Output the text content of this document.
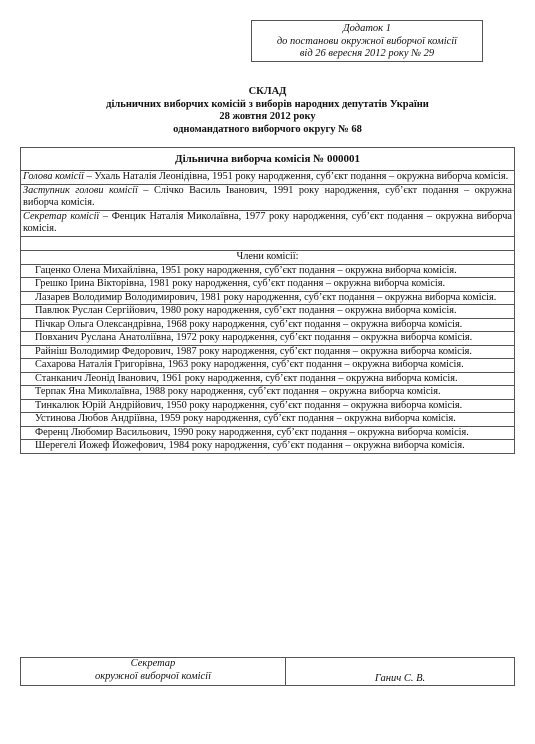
Додаток 1
до постанови окружної виборчої комісії
від 26 вересня 2012 року № 29
СКЛАД
дільничних виборчих комісій з виборів народних депутатів України
28 жовтня 2012 року
одномандатного виборчого округу № 68
Дільнична виборча комісія № 000001
Голова комісії – Ухаль Наталія Леонідівна, 1951 року народження, суб’єкт подання – окружна виборча комісія.
Заступник голови комісії – Слічко Василь Іванович, 1991 року народження, суб’єкт подання – окружна виборча комісія.
Секретар комісії – Фенцик Наталія Миколаївна, 1977 року народження, суб’єкт подання – окружна виборча комісія.

Члени комісії:
Гаценко Олена Михайлівна, 1951 року народження, суб’єкт подання – окружна виборча комісія.
Грешко Ірина Вікторівна, 1981 року народження, суб’єкт подання – окружна виборча комісія.
Лазарев Володимир Володимирович, 1981 року народження, суб’єкт подання – окружна виборча комісія.
Павлюк Руслан Сергійович, 1980 року народження, суб’єкт подання – окружна виборча комісія.
Пічкар Ольга Олександрівна, 1968 року народження, суб’єкт подання – окружна виборча комісія.
Повханич Руслана Анатоліївна, 1972 року народження, суб’єкт подання – окружна виборча комісія.
Райніш Володимир Федорович, 1987 року народження, суб’єкт подання – окружна виборча комісія.
Сахарова Наталія Григорівна, 1963 року народження, суб’єкт подання – окружна виборча комісія.
Станканич Леонід Іванович, 1961 року народження, суб’єкт подання – окружна виборча комісія.
Терпак Яна Миколаївна, 1988 року народження, суб’єкт подання – окружна виборча комісія.
Тинкалюк Юрій Андрійович, 1950 року народження, суб’єкт подання – окружна виборча комісія.
Устинова Любов Андріївна, 1959 року народження, суб’єкт подання – окружна виборча комісія.
Ференц Любомир Васильович, 1990 року народження, суб’єкт подання – окружна виборча комісія.
Шерегелі Йожеф Йожефович, 1984 року народження, суб’єкт подання – окружна виборча комісія.
Секретар
окружної виборчої комісії	Ганич С. В.
